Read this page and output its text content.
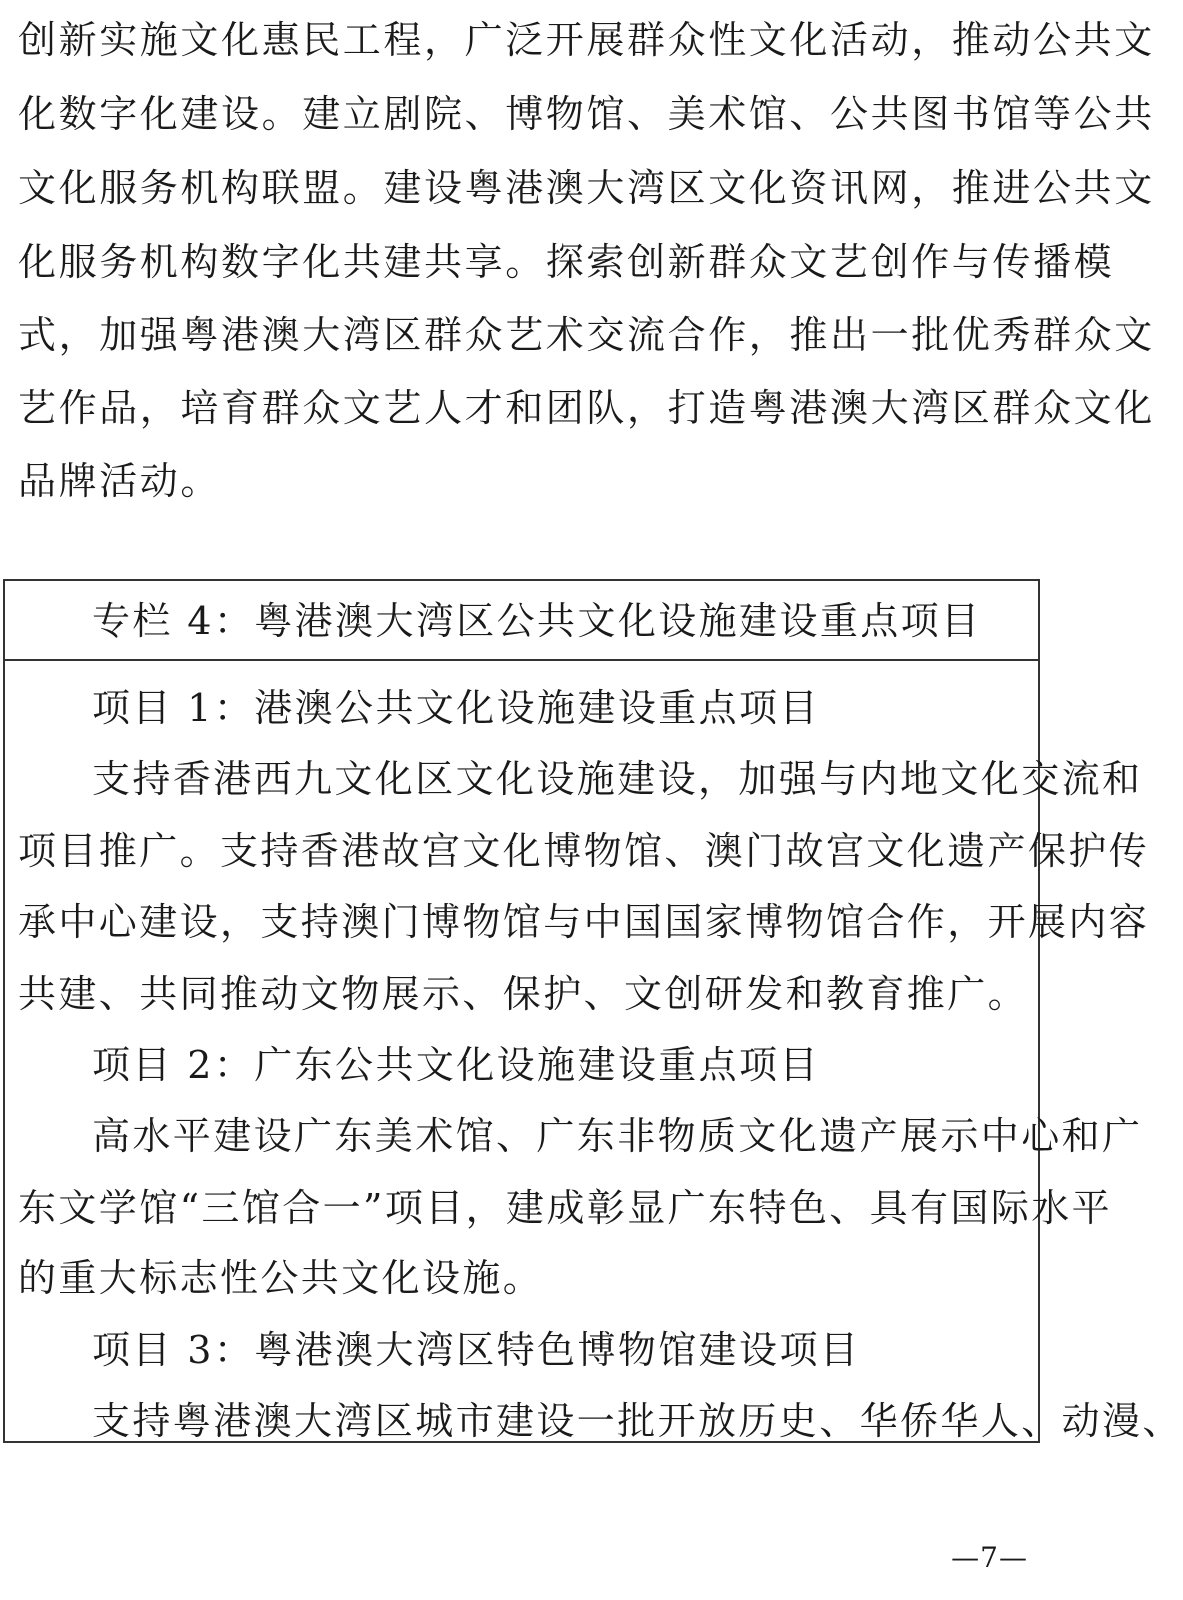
创新实施文化惠民工程，广泛开展群众性文化活动，推动公共文
化数字化建设。建立剧院、博物馆、美术馆、公共图书馆等公共
文化服务机构联盟。建设粤港澳大湾区文化资讯网，推进公共文
化服务机构数字化共建共享。探索创新群众文艺创作与传播模
式，加强粤港澳大湾区群众艺术交流合作，推出一批优秀群众文
艺作品，培育群众文艺人才和团队，打造粤港澳大湾区群众文化
品牌活动。
专栏 4：粤港澳大湾区公共文化设施建设重点项目
项目 1：港澳公共文化设施建设重点项目
支持香港西九文化区文化设施建设，加强与内地文化交流和
项目推广。支持香港故宫文化博物馆、澳门故宫文化遗产保护传
承中心建设，支持澳门博物馆与中国国家博物馆合作，开展内容
共建、共同推动文物展示、保护、文创研发和教育推广。
项目 2：广东公共文化设施建设重点项目
高水平建设广东美术馆、广东非物质文化遗产展示中心和广
东文学馆“三馆合一”项目，建成彰显广东特色、具有国际水平
的重大标志性公共文化设施。
项目 3：粤港澳大湾区特色博物馆建设项目
支持粤港澳大湾区城市建设一批开放历史、华侨华人、动漫、
—7—
